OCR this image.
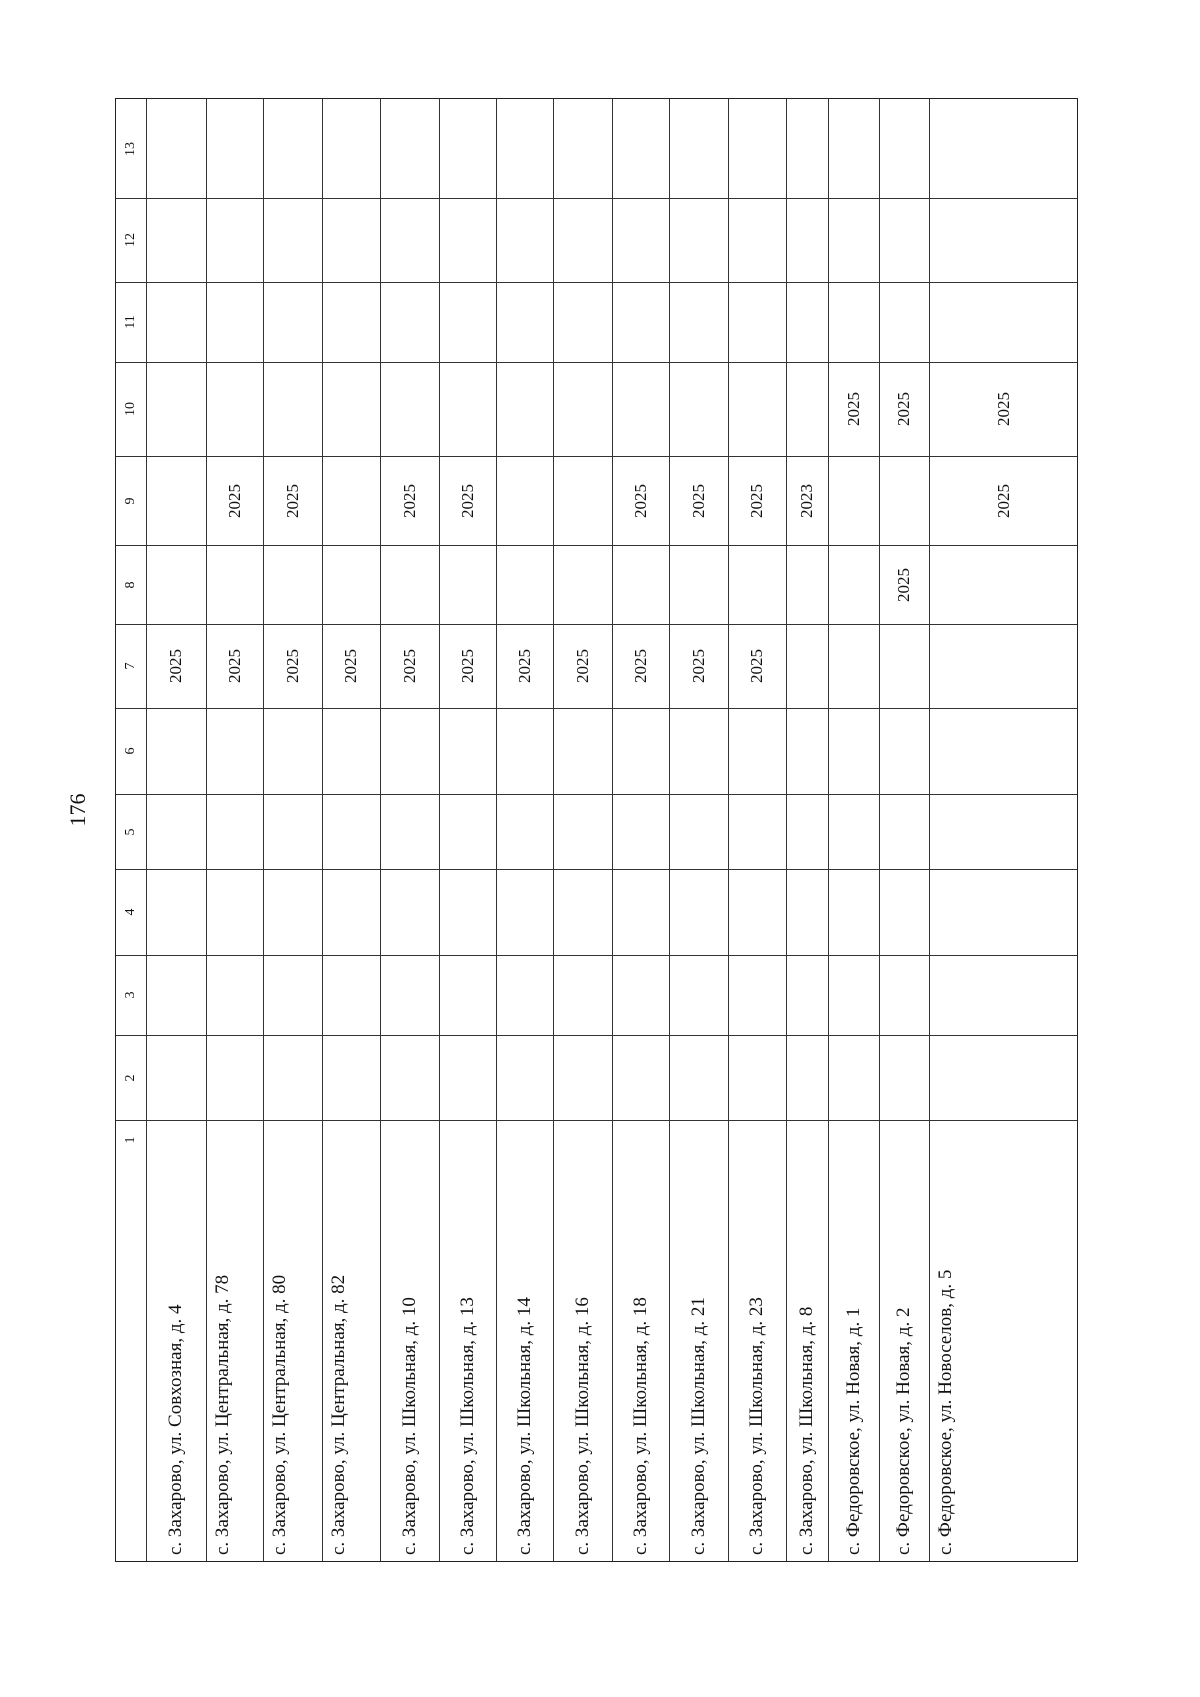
176
1
2
3
4
5
6
7
8
9
10
11
12
13
с. Захарово, ул. Совхозная, д. 4
2025
с. Захарово, ул. Центральная, д. 78
2025
2025
с. Захарово, ул. Центральная, д. 80
2025
2025
с. Захарово, ул. Центральная, д. 82
2025
с. Захарово, ул. Школьная, д. 10
2025
2025
с. Захарово, ул. Школьная, д. 13
2025
2025
с. Захарово, ул. Школьная, д. 14
2025
с. Захарово, ул. Школьная, д. 16
2025
с. Захарово, ул. Школьная, д. 18
2025
2025
с. Захарово, ул. Школьная, д. 21
2025
2025
с. Захарово, ул. Школьная, д. 23
2025
2025
с. Захарово, ул. Школьная, д. 8
2023
с. Федоровское, ул. Новая, д. 1
2025
с. Федоровское, ул. Новая, д. 2
2025
2025
с. Федоровское, ул. Новоселов, д. 5
2025
2025
